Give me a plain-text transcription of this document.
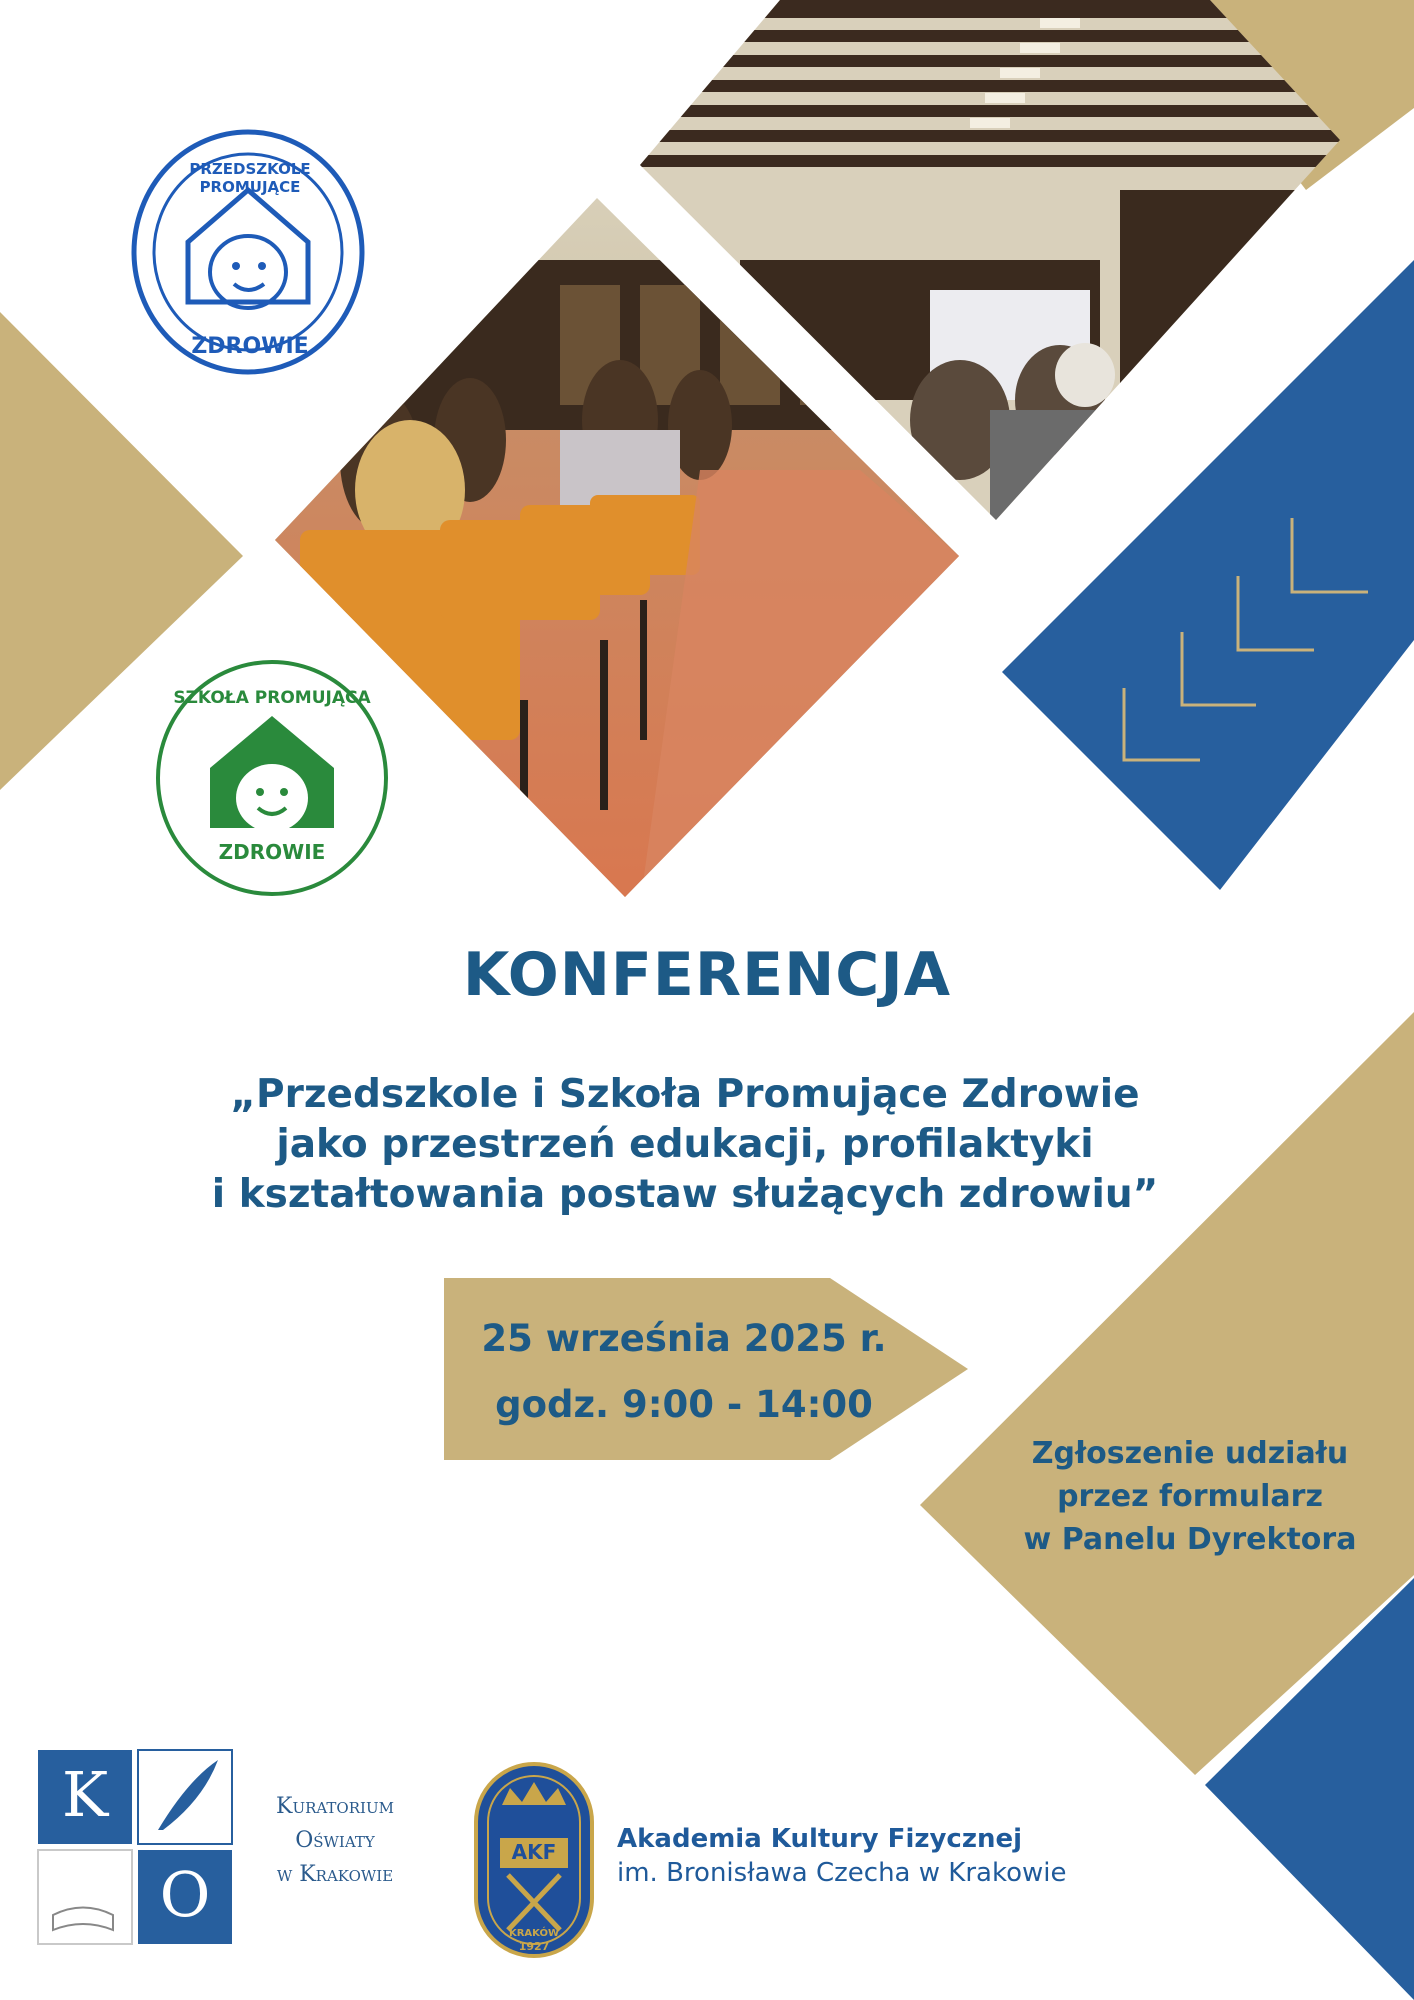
PRZEDSZKOLE PROMUJĄCE
ZDROWIE
SZKOŁA PROMUJĄCA
ZDROWIE
K
O
AKF
KRAKÓW
1927
KONFERENCJA
„Przedszkole i Szkoła Promujące Zdrowie
jako przestrzeń edukacji, profilaktyki
i kształtowania postaw służących zdrowiu”
25 września 2025 r.
godz. 9:00 - 14:00
Zgłoszenie udziału
przez formularz
w Panelu Dyrektora
Kuratorium
Oświaty
w Krakowie
Akademia Kultury Fizycznej
im. Bronisława Czecha w Krakowie
